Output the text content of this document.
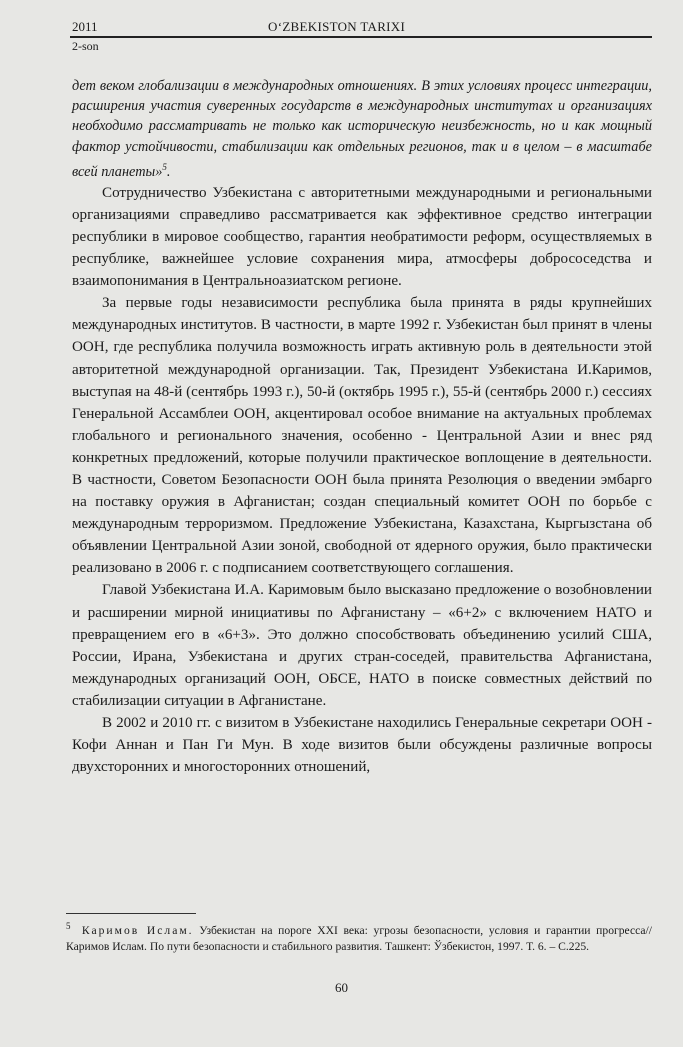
2011	O‘ZBEKISTON TARIXI
2-son

дет веком глобализации в международных отношениях. В этих условиях процесс интеграции, расширения участия суверенных государств в международных институтах и организациях необходимо рассматривать не только как историческую неизбежность, но и как мощный фактор устойчивости, стабилизации как отдельных регионов, так и в целом – в масштабе всей планеты»$^5$.

Сотрудничество Узбекистана с авторитетными международными и региональными организациями справедливо рассматривается как эффективное средство интеграции республики в мировое сообщество, гарантия необратимости реформ, осуществляемых в республике, важнейшее условие сохранения мира, атмосферы добрососедства и взаимопонимания в Центральноазиатском регионе.

За первые годы независимости республика была принята в ряды крупнейших международных институтов. В частности, в марте 1992 г. Узбекистан был принят в члены ООН, где республика получила возможность играть активную роль в деятельности этой авторитетной международной организации. Так, Президент Узбекистана И.Каримов, выступая на 48-й (сентябрь 1993 г.), 50-й (октябрь 1995 г.), 55-й (сентябрь 2000 г.) сессиях Генеральной Ассамблеи ООН, акцентировал особое внимание на актуальных проблемах глобального и регионального значения, особенно - Центральной Азии и внес ряд конкретных предложений, которые получили практическое воплощение в деятельности. В частности, Советом Безопасности ООН была принята Резолюция о введении эмбарго на поставку оружия в Афганистан; создан специальный комитет ООН по борьбе с международным терроризмом. Предложение Узбекистана, Казахстана, Кыргызстана об объявлении Центральной Азии зоной, свободной от ядерного оружия, было практически реализовано в 2006 г. с подписанием соответствующего соглашения.

Главой Узбекистана И.А. Каримовым было высказано предложение о возобновлении и расширении мирной инициативы по Афганистану – «6+2» с включением НАТО и превращением его в «6+3». Это должно способствовать объединению усилий США, России, Ирана, Узбекистана и других стран-соседей, правительства Афганистана, международных организаций ООН, ОБСЕ, НАТО в поиске совместных действий по стабилизации ситуации в Афганистане.

В 2002 и 2010 гг. с визитом в Узбекистане находились Генеральные секретари ООН - Кофи Аннан и Пан Ги Мун. В ходе визитов были обсуждены различные вопросы двухсторонних и многосторонних отношений,

$^5$ Каримов Ислам. Узбекистан на пороге XXI века: угрозы безопасности, условия и гарантии прогресса// Каримов Ислам. По пути безопасности и стабильного развития. Ташкент: Ўзбекистон, 1997. Т. 6. – С.225.

60
